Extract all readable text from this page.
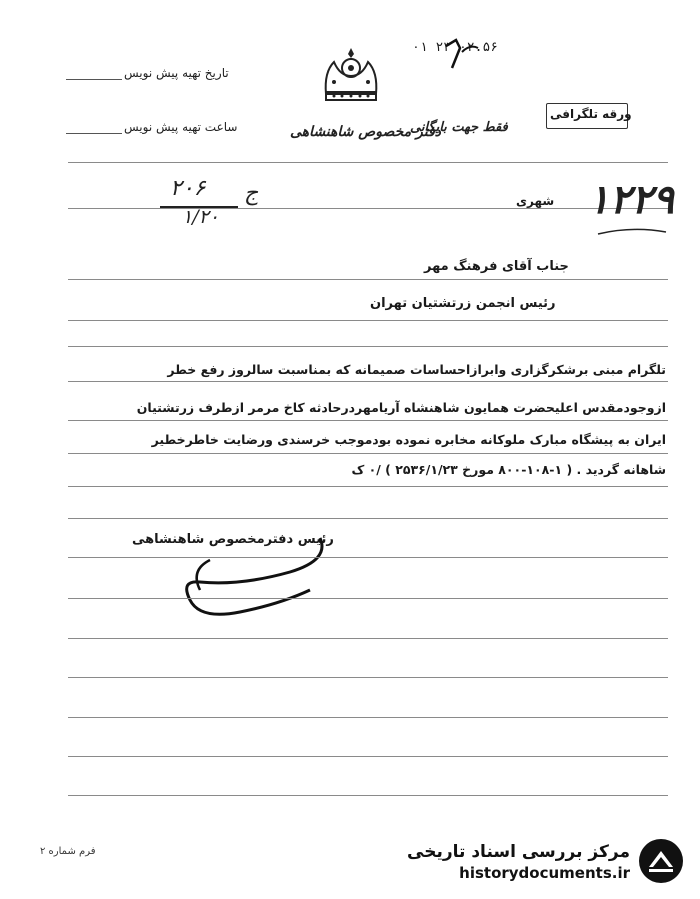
۰۱ ۲۳ ۰۲.۵۶
تاریخ تهیه پیش نویس
ساعت تهیه پیش نویس	فقط جهت بایگانی
دفتر مخصوص شاهنشاهی
ورقه تلگرافی
۲۰۶
۱/۲۰
ج	شهری ۱۲۲۹
جناب آقای فرهنگ مهر
رئیس انجمن زرتشتیان تهران
تلگرام مبنی برشکرگزاری وابرازاحساسات صمیمانه که بمناسبت سالروز رفع خطر
ازوجودمقدس اعلیحضرت همایون شاهنشاه آریامهردرحادثه کاخ مرمر ازطرف زرتشتیان
ایران به پیشگاه مبارک ملوکانه مخابره نموده بودموجب خرسندی ورضایت خاطرخطیر
شاهانه گردید . ( ۱-۱۰۸-۸۰۰ مورخ ۲۵۳۶/۱/۲۳ ) /۰ ک
رئیس دفترمخصوص شاهنشاهی
فرم شماره ۲	مرکز بررسی اسناد تاریخی
historydocuments.ir
